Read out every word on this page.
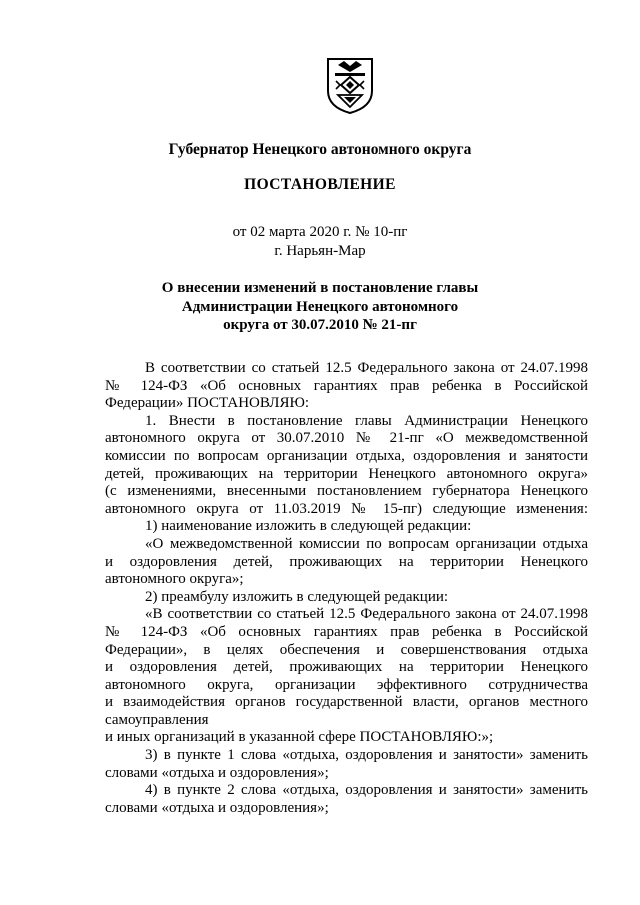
Губернатор Ненецкого автономного округа
ПОСТАНОВЛЕНИЕ
от 02 марта 2020 г. № 10-пг
г. Нарьян-Мар
О внесении изменений в постановление главы
Администрации Ненецкого автономного
округа от 30.07.2010 № 21-пг
В соответствии со статьей 12.5 Федерального закона от 24.07.1998
№ 124-ФЗ «Об основных гарантиях прав ребенка в Российской
Федерации» ПОСТАНОВЛЯЮ:
1. Внести в постановление главы Администрации Ненецкого
автономного округа от 30.07.2010 № 21-пг «О межведомственной
комиссии по вопросам организации отдыха, оздоровления и занятости
детей, проживающих на территории Ненецкого автономного округа»
(с изменениями, внесенными постановлением губернатора Ненецкого
автономного округа от 11.03.2019 № 15-пг) следующие изменения:
1) наименование изложить в следующей редакции:
«О межведомственной комиссии по вопросам организации отдыха
и оздоровления детей, проживающих на территории Ненецкого
автономного округа»;
2) преамбулу изложить в следующей редакции:
«В соответствии со статьей 12.5 Федерального закона от 24.07.1998
№ 124-ФЗ «Об основных гарантиях прав ребенка в Российской
Федерации», в целях обеспечения и совершенствования отдыха
и оздоровления детей, проживающих на территории Ненецкого
автономного округа, организации эффективного сотрудничества
и взаимодействия органов государственной власти, органов местного
самоуправления
и иных организаций в указанной сфере ПОСТАНОВЛЯЮ:»;
3) в пункте 1 слова «отдыха, оздоровления и занятости» заменить
словами «отдыха и оздоровления»;
4) в пункте 2 слова «отдыха, оздоровления и занятости» заменить
словами «отдыха и оздоровления»;
